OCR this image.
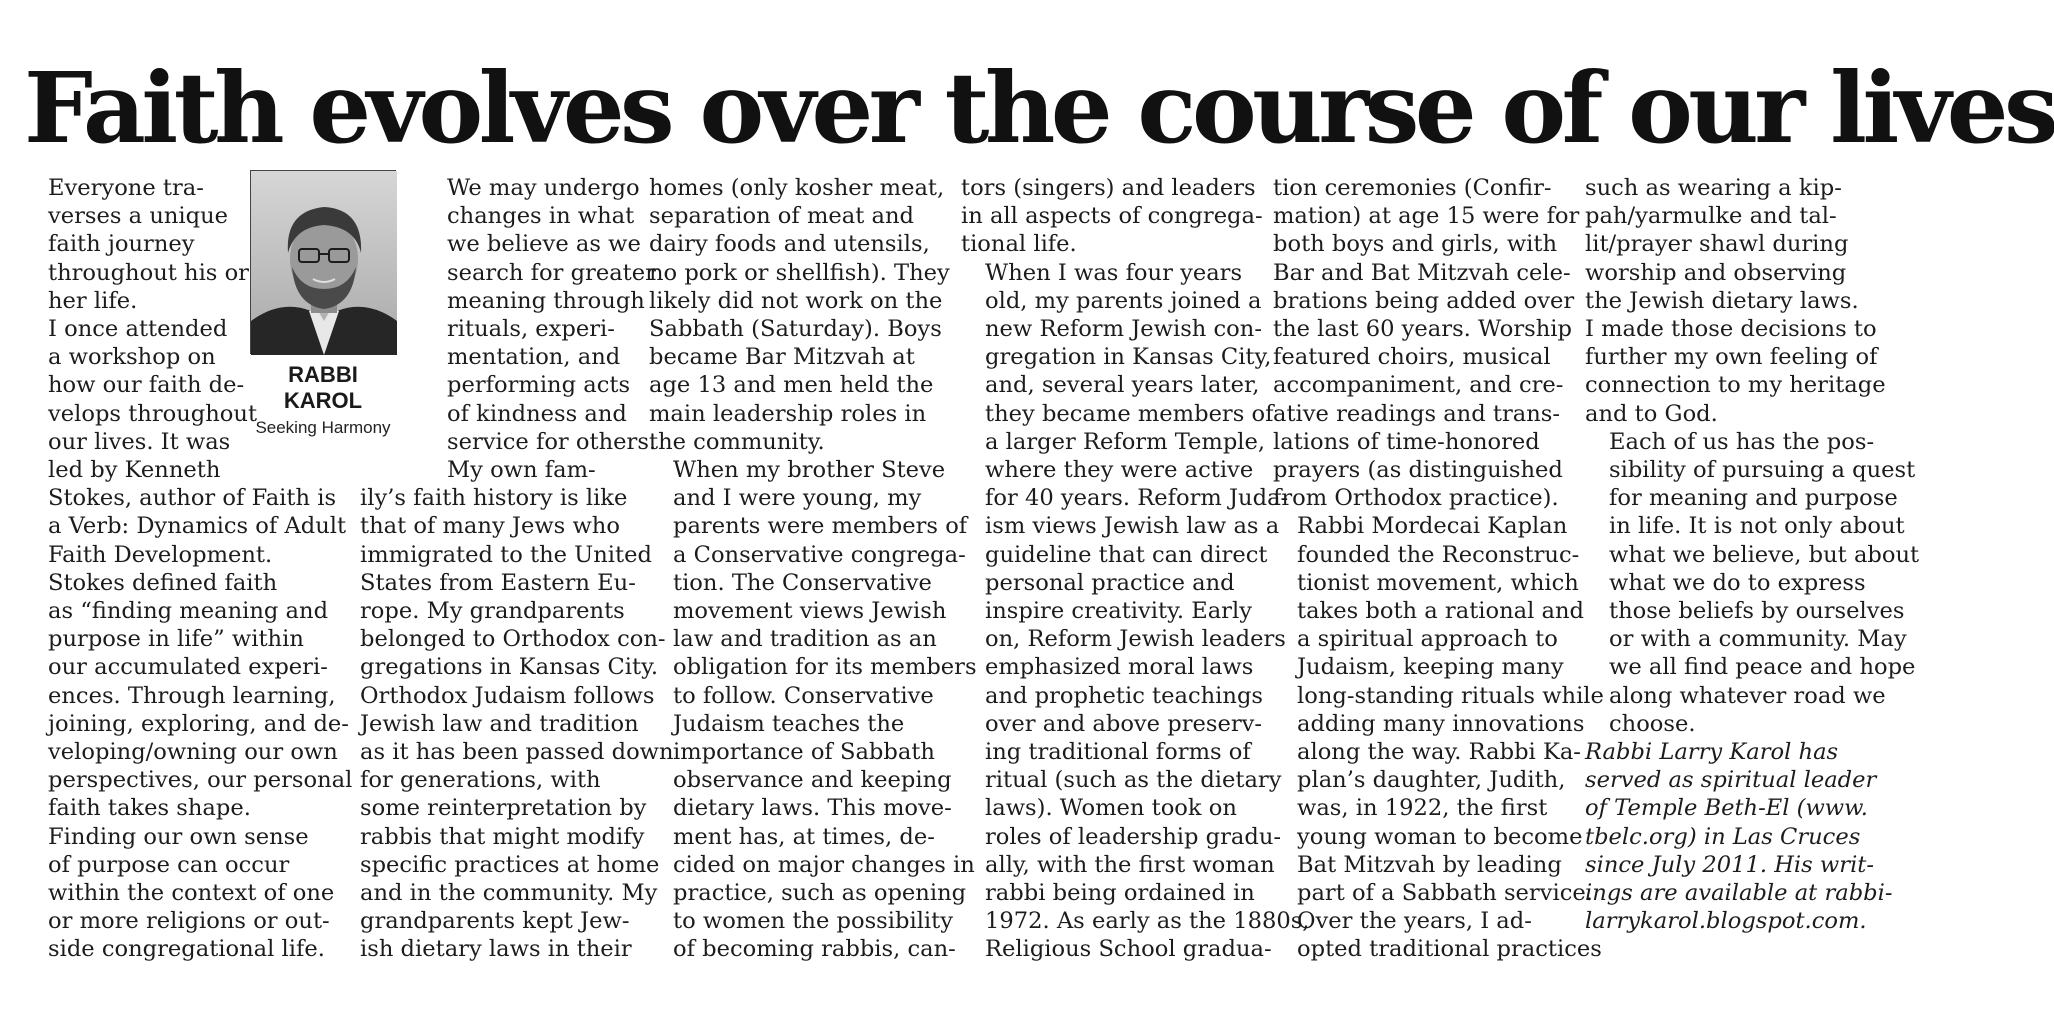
Faith evolves over the course of our lives
RABBI
KAROL
Seeking Harmony

Everyone tra-
verses a unique
faith journey
throughout his or
her life.

I once attended
a workshop on
how our faith de-
velops throughout
our lives. It was
led by Kenneth
Stokes, author of Faith is
a Verb: Dynamics of Adult
Faith Development.

Stokes defined faith
as “finding meaning and
purpose in life” within
our accumulated experi-
ences. Through learning,
joining, exploring, and de-
veloping/owning our own
perspectives, our personal
faith takes shape.

Finding our own sense
of purpose can occur
within the context of one
or more religions or out-
side congregational life.

We may undergo
changes in what
we believe as we
search for greater
meaning through
rituals, experi-
mentation, and
performing acts
of kindness and
service for others.

My own fam-
ily’s faith history is like
that of many Jews who
immigrated to the United
States from Eastern Eu-
rope. My grandparents
belonged to Orthodox con-
gregations in Kansas City.
Orthodox Judaism follows
Jewish law and tradition
as it has been passed down
for generations, with
some reinterpretation by
rabbis that might modify
specific practices at home
and in the community. My
grandparents kept Jew-
ish dietary laws in their

homes (only kosher meat,
separation of meat and
dairy foods and utensils,
no pork or shellfish). They
likely did not work on the
Sabbath (Saturday). Boys
became Bar Mitzvah at
age 13 and men held the
main leadership roles in
the community.

When my brother Steve
and I were young, my
parents were members of
a Conservative congrega-
tion. The Conservative
movement views Jewish
law and tradition as an
obligation for its members
to follow. Conservative
Judaism teaches the
importance of Sabbath
observance and keeping
dietary laws. This move-
ment has, at times, de-
cided on major changes in
practice, such as opening
to women the possibility
of becoming rabbis, can-

tors (singers) and leaders
in all aspects of congrega-
tional life.

When I was four years
old, my parents joined a
new Reform Jewish con-
gregation in Kansas City,
and, several years later,
they became members of
a larger Reform Temple,
where they were active
for 40 years. Reform Juda-
ism views Jewish law as a
guideline that can direct
personal practice and
inspire creativity. Early
on, Reform Jewish leaders
emphasized moral laws
and prophetic teachings
over and above preserv-
ing traditional forms of
ritual (such as the dietary
laws). Women took on
roles of leadership gradu-
ally, with the first woman
rabbi being ordained in
1972. As early as the 1880s,
Religious School gradua-

tion ceremonies (Confir-
mation) at age 15 were for
both boys and girls, with
Bar and Bat Mitzvah cele-
brations being added over
the last 60 years. Worship
featured choirs, musical
accompaniment, and cre-
ative readings and trans-
lations of time-honored
prayers (as distinguished
from Orthodox practice).

Rabbi Mordecai Kaplan
founded the Reconstruc-
tionist movement, which
takes both a rational and
a spiritual approach to
Judaism, keeping many
long-standing rituals while
adding many innovations
along the way. Rabbi Ka-
plan’s daughter, Judith,
was, in 1922, the first
young woman to become
Bat Mitzvah by leading
part of a Sabbath service.

Over the years, I ad-
opted traditional practices

such as wearing a kip-
pah/yarmulke and tal-
lit/prayer shawl during
worship and observing
the Jewish dietary laws.
I made those decisions to
further my own feeling of
connection to my heritage
and to God.

Each of us has the pos-
sibility of pursuing a quest
for meaning and purpose
in life. It is not only about
what we believe, but about
what we do to express
those beliefs by ourselves
or with a community. May
we all find peace and hope
along whatever road we
choose.

Rabbi Larry Karol has
served as spiritual leader
of Temple Beth-El (www.
tbelc.org) in Las Cruces
since July 2011. His writ-
ings are available at rabbi-
larrykarol.blogspot.com.
